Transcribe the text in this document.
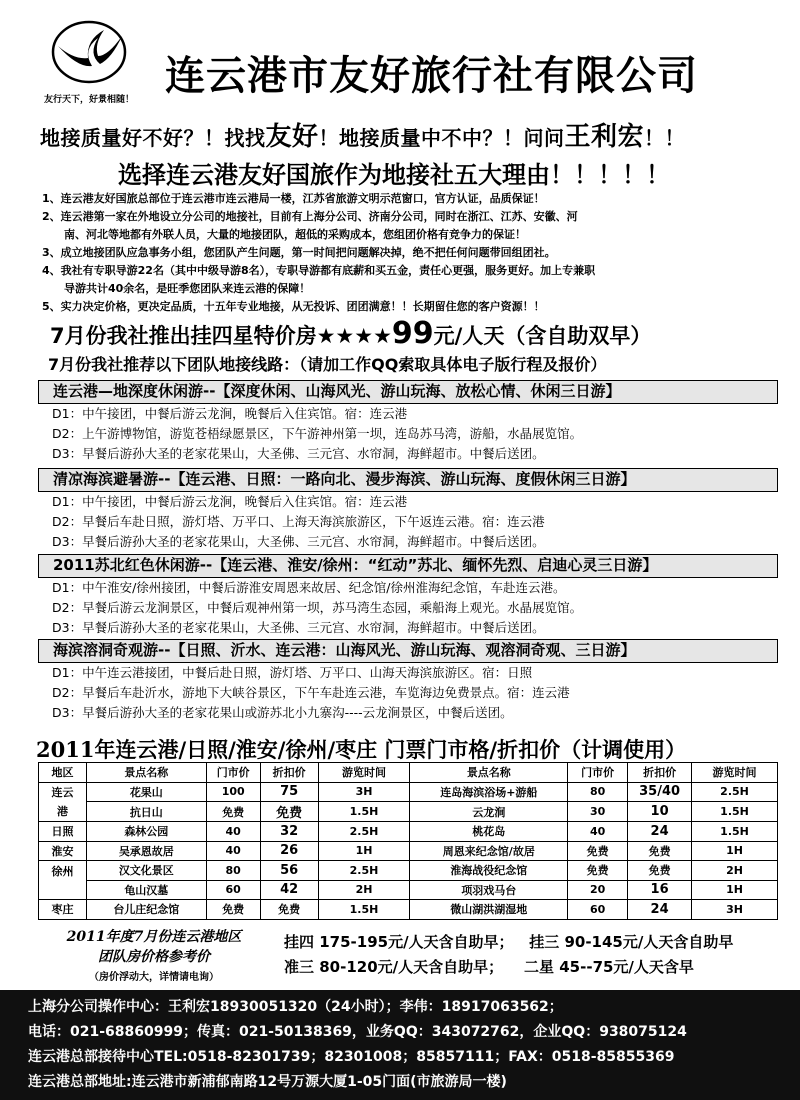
友行天下，好景相随！
连云港市友好旅行社有限公司
地接质量好不好？！找找友好！地接质量中不中？！问问王利宏！！
选择连云港友好国旅作为地接社五大理由！！！！！
1、连云港友好国旅总部位于连云港市连云港局一楼，江苏省旅游文明示范窗口，官方认证，品质保证！
2、连云港第一家在外地设立分公司的地接社，目前有上海分公司、济南分公司，同时在浙江、江苏、安徽、河
南、河北等地都有外联人员，大量的地接团队，超低的采购成本，您组团价格有竞争力的保证！
3、成立地接团队应急事务小组，您团队产生问题，第一时间把问题解决掉，绝不把任何问题带回组团社。
4、我社有专职导游22名（其中中级导游8名），专职导游都有底薪和买五金，责任心更强，服务更好。加上专兼职
导游共计40余名，是旺季您团队来连云港的保障！
5、实力决定价格，更决定品质，十五年专业地接，从无投诉、团团满意！！长期留住您的客户资源！！
7月份我社推出挂四星特价房★★★★99元/人天（含自助双早）
7月份我社推荐以下团队地接线路：（请加工作QQ索取具体电子版行程及报价）
连云港—地深度休闲游--【深度休闲、山海风光、游山玩海、放松心情、休闲三日游】
D1：中午接团，中餐后游云龙涧，晚餐后入住宾馆。宿：连云港
D2：上午游博物馆，游览苍梧绿愿景区，下午游神州第一坝，连岛苏马湾，游船，水晶展览馆。
D3：早餐后游孙大圣的老家花果山，大圣佛、三元宫、水帘洞，海鲜超市。中餐后送团。
清凉海滨避暑游--【连云港、日照：一路向北、漫步海滨、游山玩海、度假休闲三日游】
D1：中午接团，中餐后游云龙涧，晚餐后入住宾馆。宿：连云港
D2：早餐后车赴日照，游灯塔、万平口、上海天海滨旅游区，下午返连云港。宿：连云港
D3：早餐后游孙大圣的老家花果山，大圣佛、三元宫、水帘洞，海鲜超市。中餐后送团。
2011苏北红色休闲游--【连云港、淮安/徐州：“红动”苏北、缅怀先烈、启迪心灵三日游】
D1：中午淮安/徐州接团，中餐后游淮安周恩来故居、纪念馆/徐州淮海纪念馆，车赴连云港。
D2：早餐后游云龙涧景区，中餐后观神州第一坝，苏马湾生态园，乘船海上观光。水晶展览馆。
D3：早餐后游孙大圣的老家花果山，大圣佛、三元宫、水帘洞，海鲜超市。中餐后送团。
海滨溶洞奇观游--【日照、沂水、连云港：山海风光、游山玩海、观溶洞奇观、三日游】
D1：中午连云港接团，中餐后赴日照，游灯塔、万平口、山海天海滨旅游区。宿：日照
D2：早餐后车赴沂水，游地下大峡谷景区，下午车赴连云港，车览海边免费景点。宿：连云港
D3：早餐后游孙大圣的老家花果山或游苏北小九寨沟----云龙涧景区，中餐后送团。
2011年连云港/日照/淮安/徐州/枣庄 门票门市格/折扣价（计调使用）
地区	景点名称	门市价	折扣价	游览时间	景点名称	门市价	折扣价	游览时间
连云	花果山	100	75	3H	连岛海滨浴场+游船	80	35/40	2.5H
港	抗日山	免费	免费	1.5H	云龙涧	30	10	1.5H
日照	森林公园	40	32	2.5H	桃花岛	40	24	1.5H
淮安	吴承恩故居	40	26	1H	周恩来纪念馆/故居	免费	免费	1H
徐州	汉文化景区	80	56	2.5H	淮海战役纪念馆	免费	免费	2H
	龟山汉墓	60	42	2H	项羽戏马台	20	16	1H
枣庄	台儿庄纪念馆	免费	免费	1.5H	微山湖洪湖湿地	60	24	3H
2011年度7月份连云港地区
团队房价格参考价
（房价浮动大，详情请电询）
挂四 175-195元/人天含自助早； 挂三 90-145元/人天含自助早
准三 80-120元/人天含自助早； 二星 45--75元/人天含早
上海分公司操作中心：王利宏18930051320（24小时）；李伟：18917063562；
电话：021-68860999；传真：021-50138369，业务QQ：343072762，企业QQ：938075124
连云港总部接待中心TEL:0518-82301739；82301008；85857111；FAX：0518-85855369
连云港总部地址:连云港市新浦郁南路12号万源大厦1-05门面(市旅游局一楼)
